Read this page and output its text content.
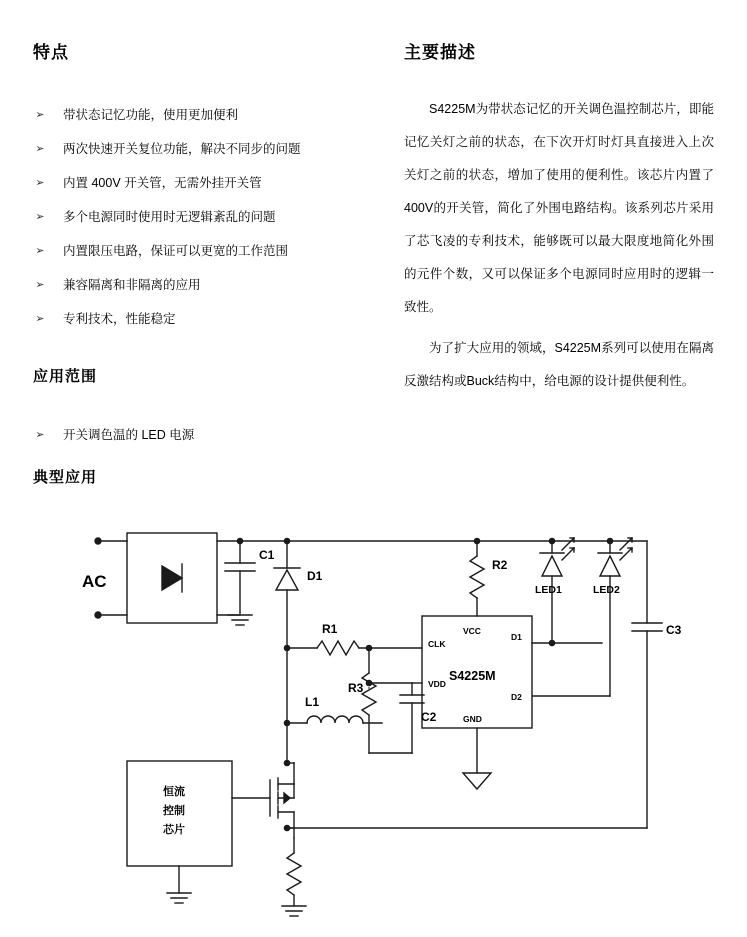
特点	主要描述
应用范围
典型应用
➢ 带状态记忆功能，使用更加便利
➢ 两次快速开关复位功能，解决不同步的问题
➢ 内置 400V 开关管，无需外挂开关管
➢ 多个电源同时使用时无逻辑紊乱的问题
➢ 内置限压电路，保证可以更宽的工作范围
➢ 兼容隔离和非隔离的应用
➢ 专利技术，性能稳定
➢ 开关调色温的 LED 电源

S4225M为带状态记忆的开关调色温控制芯片，即能记忆关灯之前的状态，在下次开灯时灯具直接进入上次关灯之前的状态，增加了使用的便利性。该芯片内置了400V的开关管，简化了外围电路结构。该系列芯片采用了芯飞凌的专利技术，能够既可以最大限度地简化外围的元件个数，又可以保证多个电源同时应用时的逻辑一致性。

为了扩大应用的领域，S4225M系列可以使用在隔离反激结构或Buck结构中，给电源的设计提供便利性。

AC
C1
D1
R1
R3
C2
L1
R2
LED1	LED2
C3
S4225M
VCC
CLK
VDD
GND
D1
D2
恒流
控制
芯片
